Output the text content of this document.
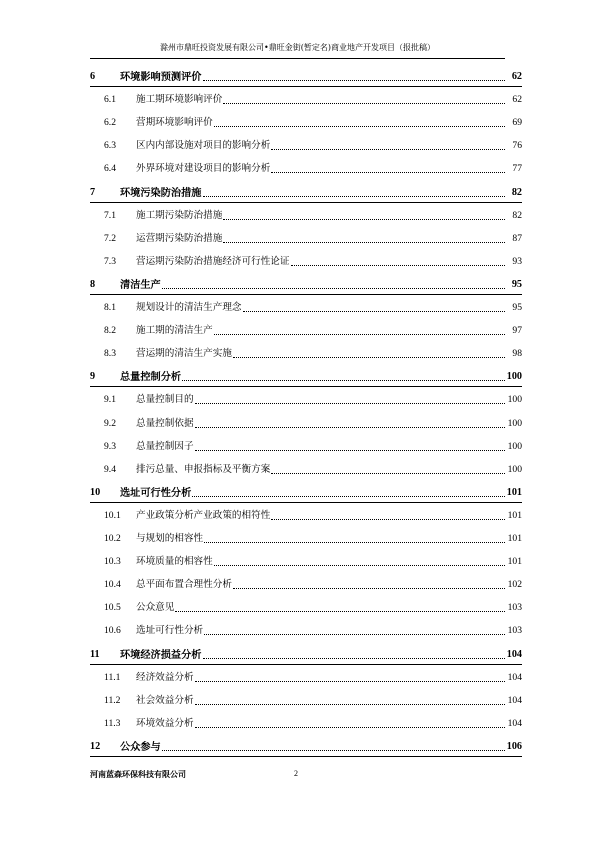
滁州市鼎旺投资发展有限公司•鼎旺金街(暂定名)商业地产开发项目（报批稿）
6	环境影响预测评价	62
6.1	施工期环境影响评价	62
6.2	营期环境影响评价	69
6.3	区内内部设施对项目的影响分析	76
6.4	外界环境对建设项目的影响分析	77
7	环境污染防治措施	82
7.1	施工期污染防治措施	82
7.2	运营期污染防治措施	87
7.3	营运期污染防治措施经济可行性论证	93
8	清洁生产	95
8.1	规划设计的清洁生产理念	95
8.2	施工期的清洁生产	97
8.3	营运期的清洁生产实施	98
9	总量控制分析	100
9.1	总量控制目的	100
9.2	总量控制依据	100
9.3	总量控制因子	100
9.4	排污总量、申报指标及平衡方案	100
10	选址可行性分析	101
10.1	产业政策分析产业政策的相符性	101
10.2	与规划的相容性	101
10.3	环境质量的相容性	101
10.4	总平面布置合理性分析	102
10.5	公众意见	103
10.6	选址可行性分析	103
11	环境经济损益分析	104
11.1	经济效益分析	104
11.2	社会效益分析	104
11.3	环境效益分析	104
12	公众参与	106
河南蓝森环保科技有限公司	2
